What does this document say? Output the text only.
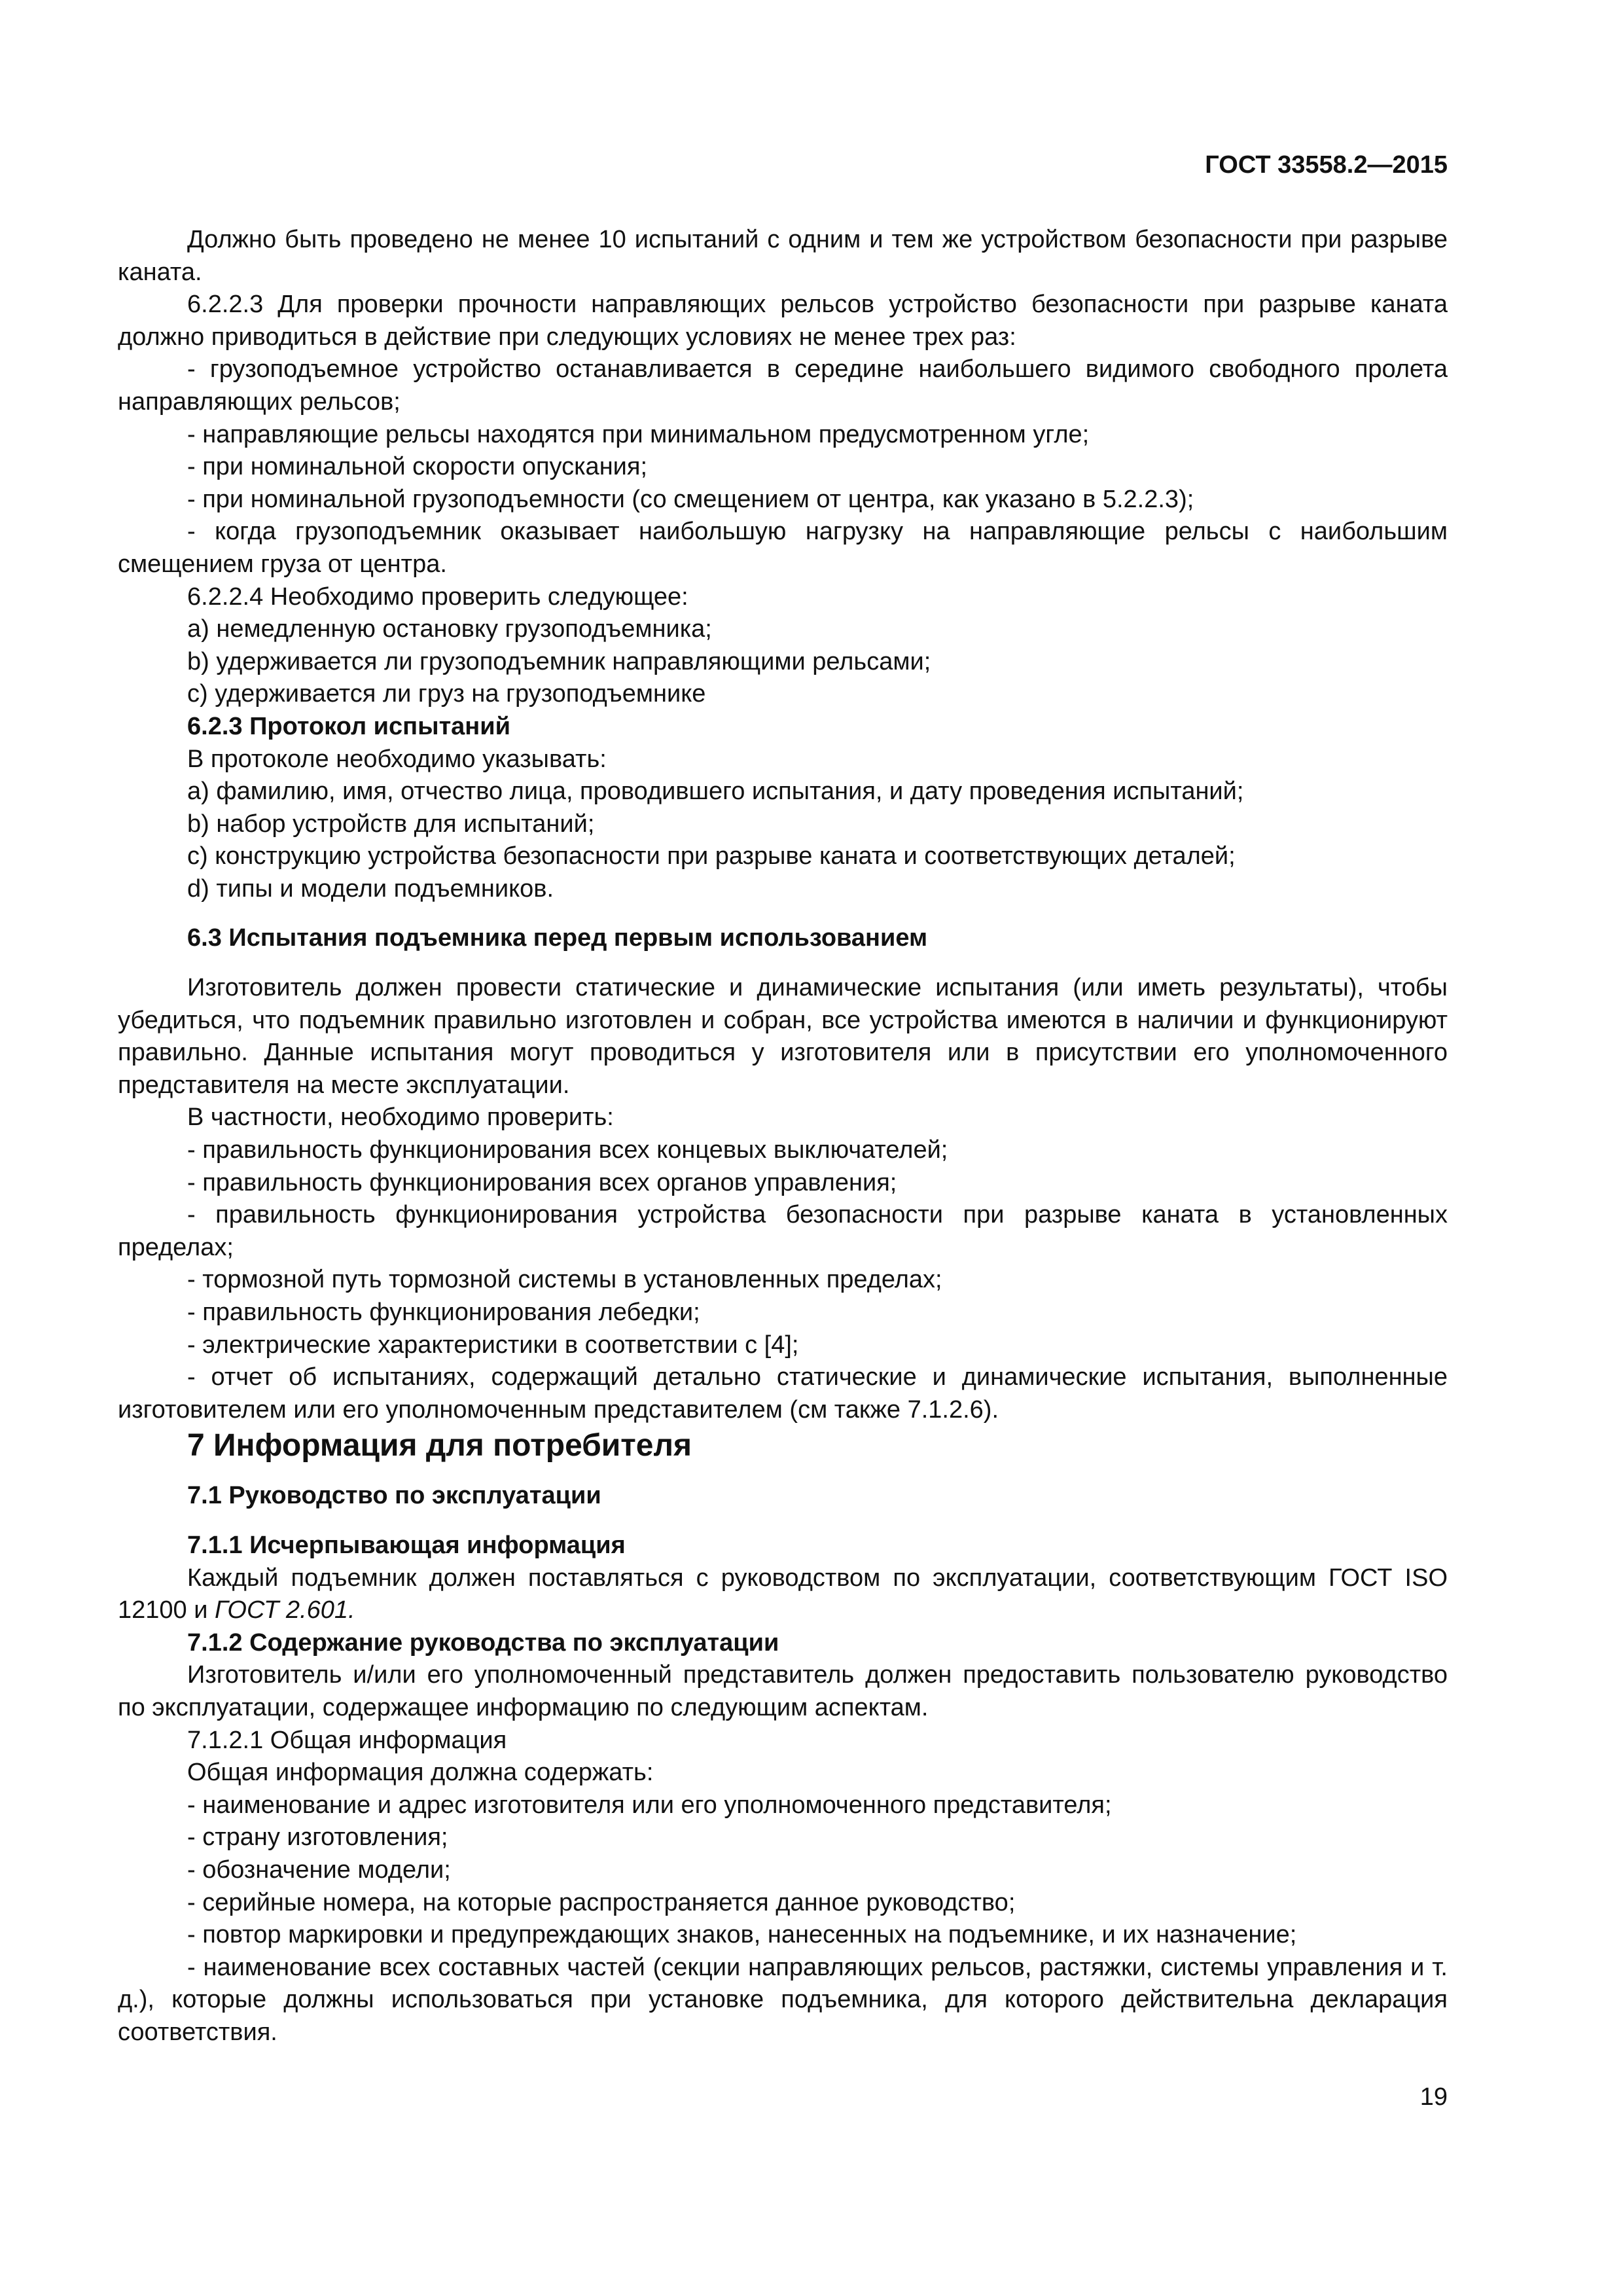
ГОСТ 33558.2—2015

Должно быть проведено не менее 10 испытаний с одним и тем же устройством безопасности при разрыве каната.

6.2.2.3 Для проверки прочности направляющих рельсов устройство безопасности при разрыве каната должно приводиться в действие при следующих условиях не менее трех раз:

- грузоподъемное устройство останавливается в середине наибольшего видимого свободного пролета направляющих рельсов;

- направляющие рельсы находятся при минимальном предусмотренном угле;

- при номинальной скорости опускания;

- при номинальной грузоподъемности (со смещением от центра, как указано в 5.2.2.3);

- когда грузоподъемник оказывает наибольшую нагрузку на направляющие рельсы с наибольшим смещением груза от центра.

6.2.2.4 Необходимо проверить следующее:

a) немедленную остановку грузоподъемника;

b) удерживается ли грузоподъемник направляющими рельсами;

c) удерживается ли груз на грузоподъемнике

6.2.3 Протокол испытаний

В протоколе необходимо указывать:

a) фамилию, имя, отчество лица, проводившего испытания, и дату проведения испытаний;

b) набор устройств для испытаний;

c) конструкцию устройства безопасности при разрыве каната и соответствующих деталей;

d) типы и модели подъемников.

6.3 Испытания подъемника перед первым использованием

Изготовитель должен провести статические и динамические испытания (или иметь результаты), чтобы убедиться, что подъемник правильно изготовлен и собран, все устройства имеются в наличии и функционируют правильно. Данные испытания могут проводиться у изготовителя или в присутствии его уполномоченного представителя на месте эксплуатации.

В частности, необходимо проверить:

- правильность функционирования всех концевых выключателей;

- правильность функционирования всех органов управления;

- правильность функционирования устройства безопасности при разрыве каната в установленных пределах;

- тормозной путь тормозной системы в установленных пределах;

- правильность функционирования лебедки;

- электрические характеристики в соответствии с [4];

- отчет об испытаниях, содержащий детально статические и динамические испытания, выполненные изготовителем или его уполномоченным представителем (см также 7.1.2.6).

7 Информация для потребителя

7.1 Руководство по эксплуатации

7.1.1 Исчерпывающая информация

Каждый подъемник должен поставляться с руководством по эксплуатации, соответствующим ГОСТ ISO 12100 и ГОСТ 2.601.

7.1.2 Содержание руководства по эксплуатации

Изготовитель и/или его уполномоченный представитель должен предоставить пользователю руководство по эксплуатации, содержащее информацию по следующим аспектам.

7.1.2.1 Общая информация

Общая информация должна содержать:

- наименование и адрес изготовителя или его уполномоченного представителя;

- страну изготовления;

- обозначение модели;

- серийные номера, на которые распространяется данное руководство;

- повтор маркировки и предупреждающих знаков, нанесенных на подъемнике, и их назначение;

- наименование всех составных частей (секции направляющих рельсов, растяжки, системы управления и т. д.), которые должны использоваться при установке подъемника, для которого действительна декларация соответствия.

19
